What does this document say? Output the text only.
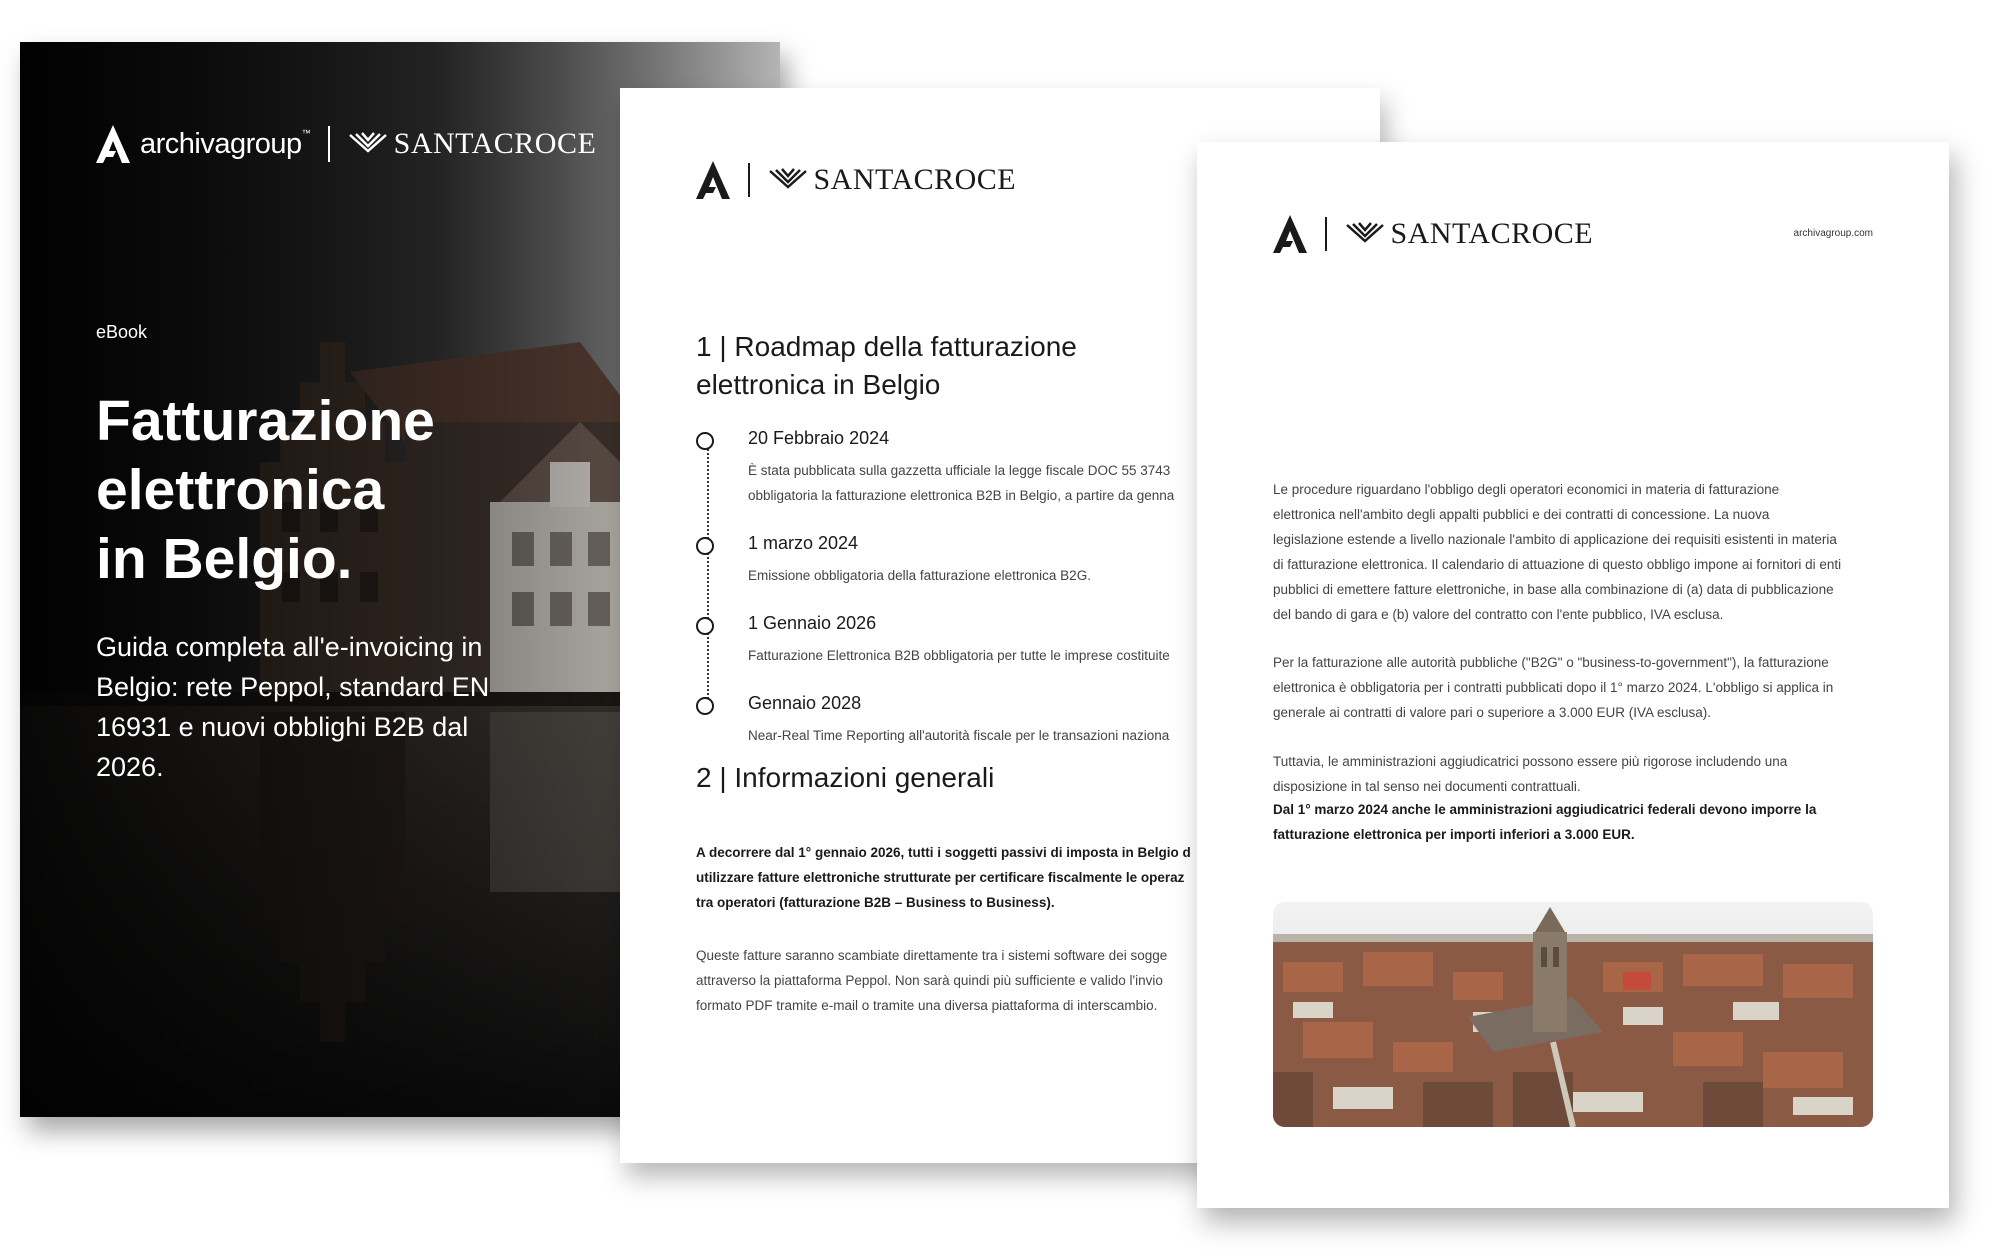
archivagroup™	SANTACROCE
eBook
Fatturazione
elettronica
in Belgio.
Guida completa all'e-invoicing in Belgio: rete Peppol, standard EN 16931 e nuovi obblighi B2B dal 2026.
SANTACROCE
1 | Roadmap della fatturazione
elettronica in Belgio
20 Febbraio 2024
È stata pubblicata sulla gazzetta ufficiale la legge fiscale DOC 55 3743
obbligatoria la fatturazione elettronica B2B in Belgio, a partire da genna
1 marzo 2024
Emissione obbligatoria della fatturazione elettronica B2G.
1 Gennaio 2026
Fatturazione Elettronica B2B obbligatoria per tutte le imprese costituite
Gennaio 2028
Near-Real Time Reporting all'autorità fiscale per le transazioni naziona
2 | Informazioni generali
A decorrere dal 1° gennaio 2026, tutti i soggetti passivi di imposta in Belgio d
utilizzare fatture elettroniche strutturate per certificare fiscalmente le operaz
tra operatori (fatturazione B2B – Business to Business).
Queste fatture saranno scambiate direttamente tra i sistemi software dei sogge
attraverso la piattaforma Peppol. Non sarà quindi più sufficiente e valido l'invio
formato PDF tramite e-mail o tramite una diversa piattaforma di interscambio.
SANTACROCE	archivagroup.com
Le procedure riguardano l'obbligo degli operatori economici in materia di fatturazione
elettronica nell'ambito degli appalti pubblici e dei contratti di concessione. La nuova
legislazione estende a livello nazionale l'ambito di applicazione dei requisiti esistenti in materia
di fatturazione elettronica. Il calendario di attuazione di questo obbligo impone ai fornitori di enti
pubblici di emettere fatture elettroniche, in base alla combinazione di (a) data di pubblicazione
del bando di gara e (b) valore del contratto con l'ente pubblico, IVA esclusa.
Per la fatturazione alle autorità pubbliche ("B2G" o "business-to-government"), la fatturazione
elettronica è obbligatoria per i contratti pubblicati dopo il 1° marzo 2024. L'obbligo si applica in
generale ai contratti di valore pari o superiore a 3.000 EUR (IVA esclusa).
Tuttavia, le amministrazioni aggiudicatrici possono essere più rigorose includendo una
disposizione in tal senso nei documenti contrattuali.
Dal 1° marzo 2024 anche le amministrazioni aggiudicatrici federali devono imporre la
fatturazione elettronica per importi inferiori a 3.000 EUR.
